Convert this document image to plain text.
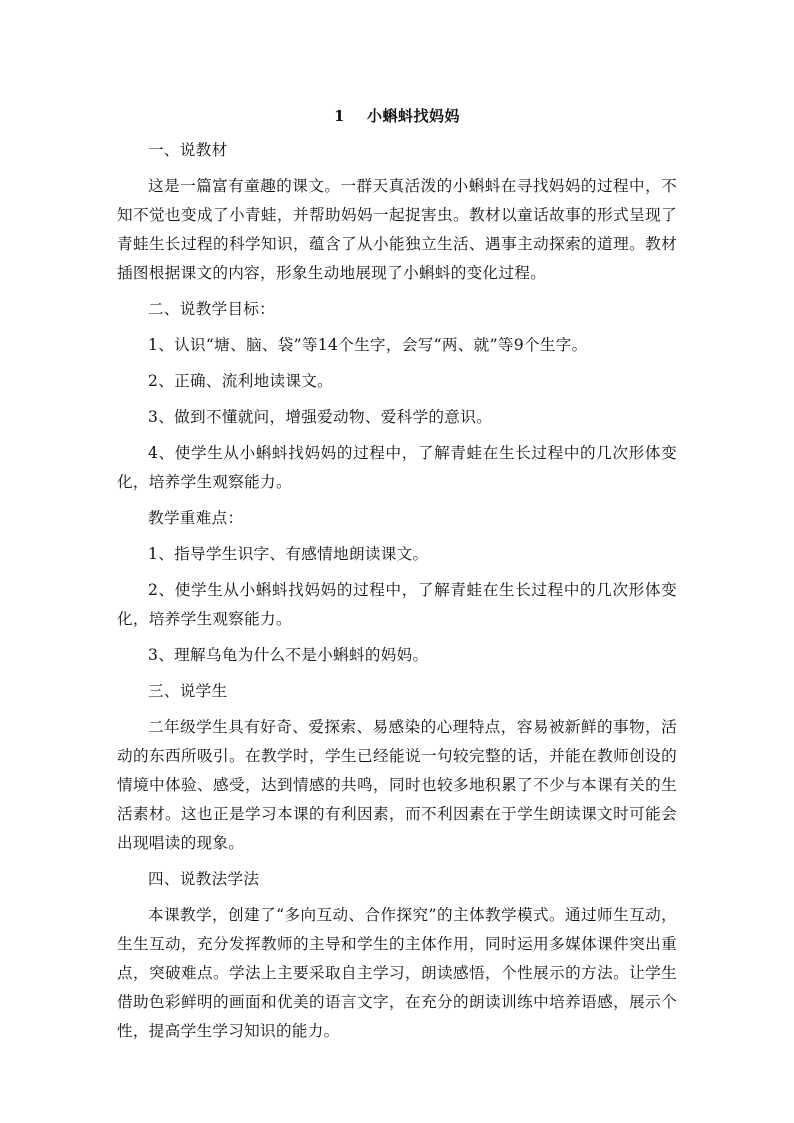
1 小蝌蚪找妈妈

一、说教材

这是一篇富有童趣的课文。一群天真活泼的小蝌蚪在寻找妈妈的过程中，不知不觉也变成了小青蛙，并帮助妈妈一起捉害虫。教材以童话故事的形式呈现了青蛙生长过程的科学知识，蕴含了从小能独立生活、遇事主动探索的道理。教材插图根据课文的内容，形象生动地展现了小蝌蚪的变化过程。

二、说教学目标：

1、认识“塘、脑、袋”等14个生字，会写“两、就”等9个生字。

2、正确、流利地读课文。

3、做到不懂就问，增强爱动物、爱科学的意识。

4、使学生从小蝌蚪找妈妈的过程中，了解青蛙在生长过程中的几次形体变化，培养学生观察能力。

教学重难点：

1、指导学生识字、有感情地朗读课文。

2、使学生从小蝌蚪找妈妈的过程中，了解青蛙在生长过程中的几次形体变化，培养学生观察能力。

3、理解乌龟为什么不是小蝌蚪的妈妈。

三、说学生

二年级学生具有好奇、爱探索、易感染的心理特点，容易被新鲜的事物，活动的东西所吸引。在教学时，学生已经能说一句较完整的话，并能在教师创设的情境中体验、感受，达到情感的共鸣，同时也较多地积累了不少与本课有关的生活素材。这也正是学习本课的有利因素，而不利因素在于学生朗读课文时可能会出现唱读的现象。

四、说教法学法

本课教学，创建了“多向互动、合作探究”的主体教学模式。通过师生互动，生生互动，充分发挥教师的主导和学生的主体作用，同时运用多媒体课件突出重点，突破难点。学法上主要采取自主学习，朗读感悟，个性展示的方法。让学生借助色彩鲜明的画面和优美的语言文字，在充分的朗读训练中培养语感，展示个性，提高学生学习知识的能力。
